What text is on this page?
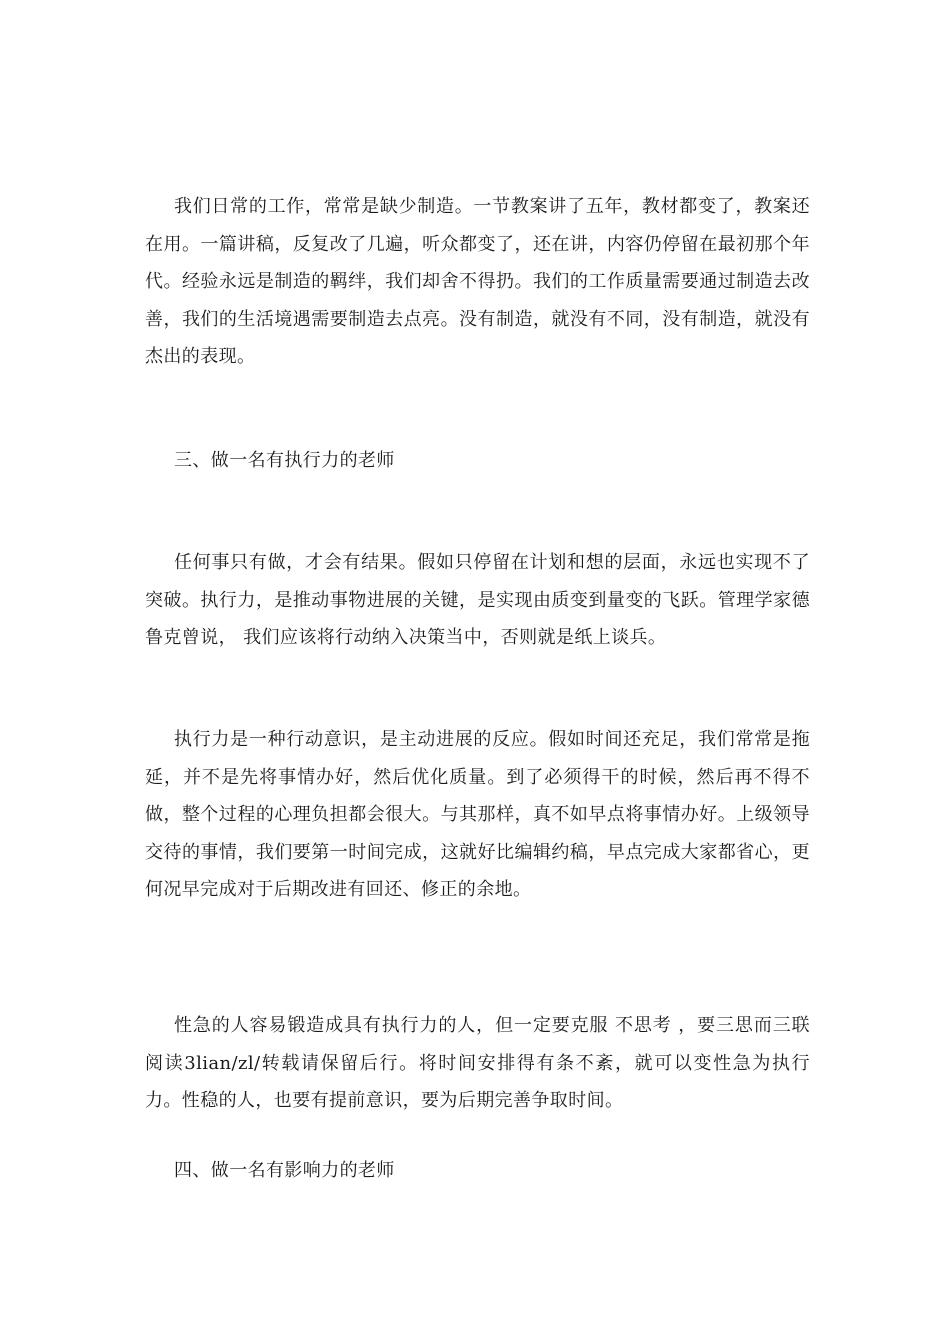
我们日常的工作，常常是缺少制造。一节教案讲了五年，教材都变了，教案还在用。一篇讲稿，反复改了几遍，听众都变了，还在讲，内容仍停留在最初那个年代。经验永远是制造的羁绊，我们却舍不得扔。我们的工作质量需要通过制造去改善，我们的生活境遇需要制造去点亮。没有制造，就没有不同，没有制造，就没有杰出的表现。

三、做一名有执行力的老师

任何事只有做，才会有结果。假如只停留在计划和想的层面，永远也实现不了突破。执行力，是推动事物进展的关键，是实现由质变到量变的飞跃。管理学家德鲁克曾说， 我们应该将行动纳入决策当中，否则就是纸上谈兵。

执行力是一种行动意识，是主动进展的反应。假如时间还充足，我们常常是拖延，并不是先将事情办好，然后优化质量。到了必须得干的时候，然后再不得不做，整个过程的心理负担都会很大。与其那样，真不如早点将事情办好。上级领导交待的事情，我们要第一时间完成，这就好比编辑约稿，早点完成大家都省心，更何况早完成对于后期改进有回还、修正的余地。

性急的人容易锻造成具有执行力的人，但一定要克服 不思考 ，要三思而三联阅读3lian/zl/转载请保留后行。将时间安排得有条不紊，就可以变性急为执行力。性稳的人，也要有提前意识，要为后期完善争取时间。

四、做一名有影响力的老师
